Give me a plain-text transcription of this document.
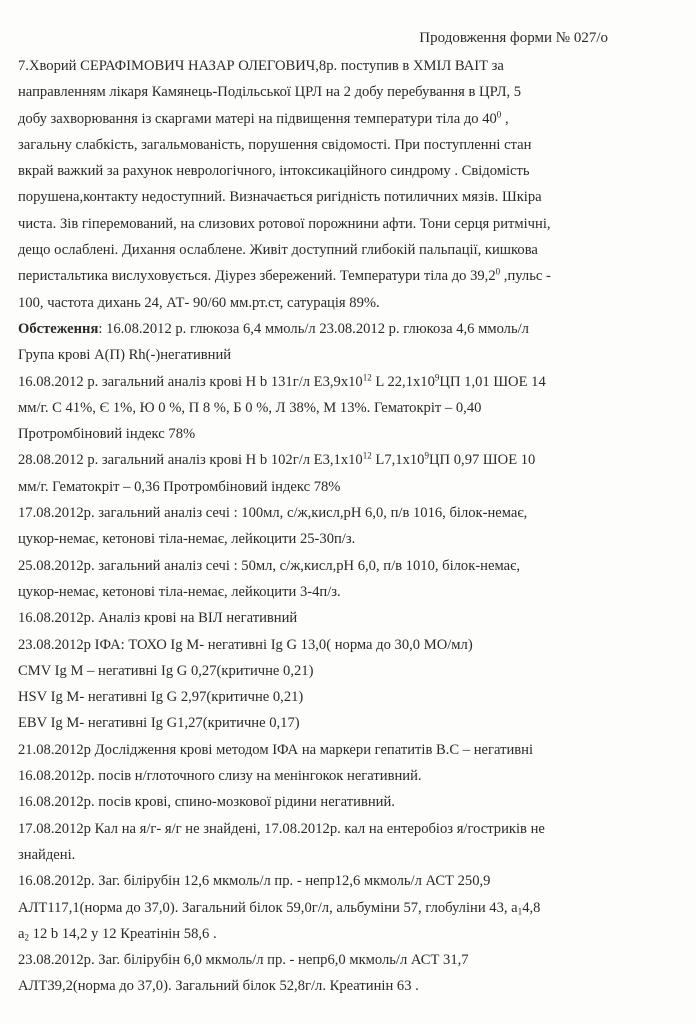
Продовження форми № 027/о
7.Хворий СЕРАФІМОВИЧ НАЗАР ОЛЕГОВИЧ,8р. поступив в ХМІЛ ВАІТ за
направленням лікаря Камянець-Подільської ЦРЛ на 2 добу перебування в ЦРЛ, 5
добу захворювання із скаргами матері на підвищення температури тіла до $40^0$ ,
загальну слабкість, загальмованість, порушення свідомості. При поступленні стан
вкрай важкий за рахунок неврологічного, інтоксикаційного синдрому . Свідомість
порушена,контакту недоступний. Визначається ригідність потиличних мязів. Шкіра
чиста. Зів гіперемований, на слизових ротової порожнини афти. Тони серця ритмічні,
дещо ослаблені. Дихання ослаблене. Живіт доступний глибокій пальпації, кишкова
перистальтика вислуховується. Діурез збережений. Температури тіла до 39,2$^0$ ,пульс -
100, частота дихань 24, АТ- 90/60 мм.рт.ст, сатурація 89%.
Обстеження: 16.08.2012 р. глюкоза 6,4 ммоль/л 23.08.2012 р. глюкоза 4,6 ммоль/л
Група крові А(П) Rh(-)негативний
16.08.2012 р. загальний аналіз крові Н b 131г/л $Е3,9х10^{12}$ L $22,1х10^9ЦП$ 1,01 ШОЕ 14
мм/г. С 41%, Є 1%, Ю 0 %, П 8 %, Б 0 %, Л 38%, М 13%. Гематокріт – 0,40
Протромбіновий індекс 78%
28.08.2012 р. загальний аналіз крові Н b 102г/л $Е3,1х10^{12}$ $L7,1х10^9ЦП$ 0,97 ШОЕ 10
мм/г. Гематокріт – 0,36 Протромбіновий індекс 78%
17.08.2012р. загальний аналіз сечі : 100мл, с/ж,кисл,рН 6,0, п/в 1016, білок-немає,
цукор-немає, кетонові тіла-немає, лейкоцити 25-30п/з.
25.08.2012р. загальний аналіз сечі : 50мл, с/ж,кисл,рН 6,0, п/в 1010, білок-немає,
цукор-немає, кетонові тіла-немає, лейкоцити 3-4п/з.
16.08.2012р. Аналіз крові на ВІЛ негативний
23.08.2012р ІФА: ТОХО Ig M- негативні Ig G 13,0( норма до 30,0 МО/мл)
CMV Ig M – негативні Ig G 0,27(критичне 0,21)
HSV Ig M- негативні Ig G 2,97(критичне 0,21)
EBV Ig M- негативні Ig G1,27(критичне 0,17)
21.08.2012р Дослідження крові методом ІФА на маркери гепатитів В.С – негативні
16.08.2012р. посів н/глоточного слизу на менінгокок негативний.
16.08.2012р. посів крові, спино-мозкової рідини негативний.
17.08.2012р Кал на я/г- я/г не знайдені, 17.08.2012р. кал на ентеробіоз я/гостриків не
знайдені.
16.08.2012р. Заг. білірубін 12,6 мкмоль/л пр. - непр12,6 мкмоль/л АСТ 250,9
АЛТ117,1(норма до 37,0). Загальний білок 59,0г/л, альбуміни 57, глобуліни 43, $а_14,8$
$а_2$ 12 b 14,2 y 12 Креатінін 58,6 .
23.08.2012р. Заг. білірубін 6,0 мкмоль/л пр. - непр6,0 мкмоль/л АСТ 31,7
АЛТ39,2(норма до 37,0). Загальний білок 52,8г/л. Креатинін 63 .
